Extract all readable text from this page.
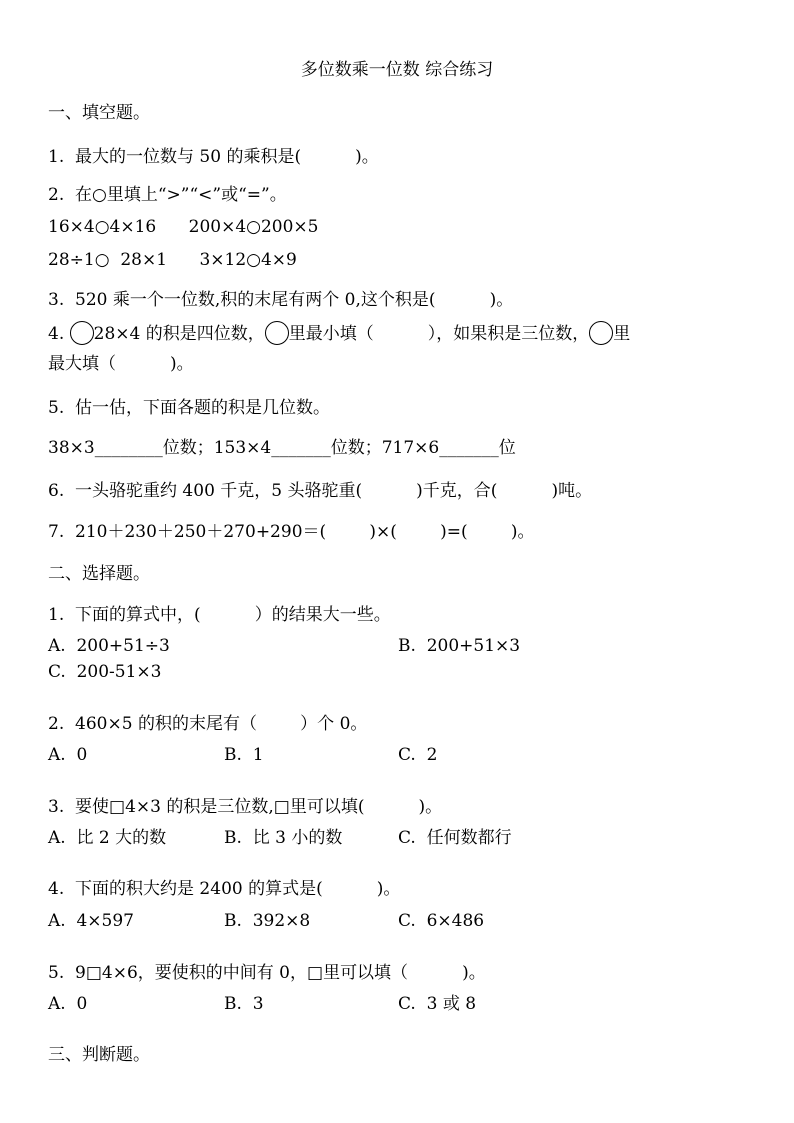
多位数乘一位数 综合练习
一、填空题。
1.  最大的一位数与 50 的乘积是(          )。
2.  在○里填上“>”“<”或“=”。
16×4○4×16      200×4○200×5
28÷1○  28×1      3×12○4×9
3.  520 乘一个一位数,积的末尾有两个 0,这个积是(          )。
4. 28×4 的积是四位数， 里最小填（          ），如果积是三位数， 里
最大填（          )。
5.  估一估，下面各题的积是几位数。
38×3________位数；153×4_______位数；717×6_______位
6.  一头骆驼重约 400 千克，5 头骆驼重(          )千克，合(          )吨。
7.  210＋230＋250＋270+290＝(        )×(        )=(        )。
二、选择题。
1.  下面的算式中，(          ）的结果大一些。
A.  200+51÷3	B.  200+51×3
C.  200-51×3
2.  460×5 的积的末尾有（        ）个 0。
A.  0	B.  1	C.  2
3.  要使□4×3 的积是三位数,□里可以填(          )。
A.  比 2 大的数	B.  比 3 小的数	C.  任何数都行
4.  下面的积大约是 2400 的算式是(          )。
A.  4×597	B.  392×8	C.  6×486
5.  9□4×6，要使积的中间有 0，□里可以填（          )。
A.  0	B.  3	C.  3 或 8
三、判断题。
